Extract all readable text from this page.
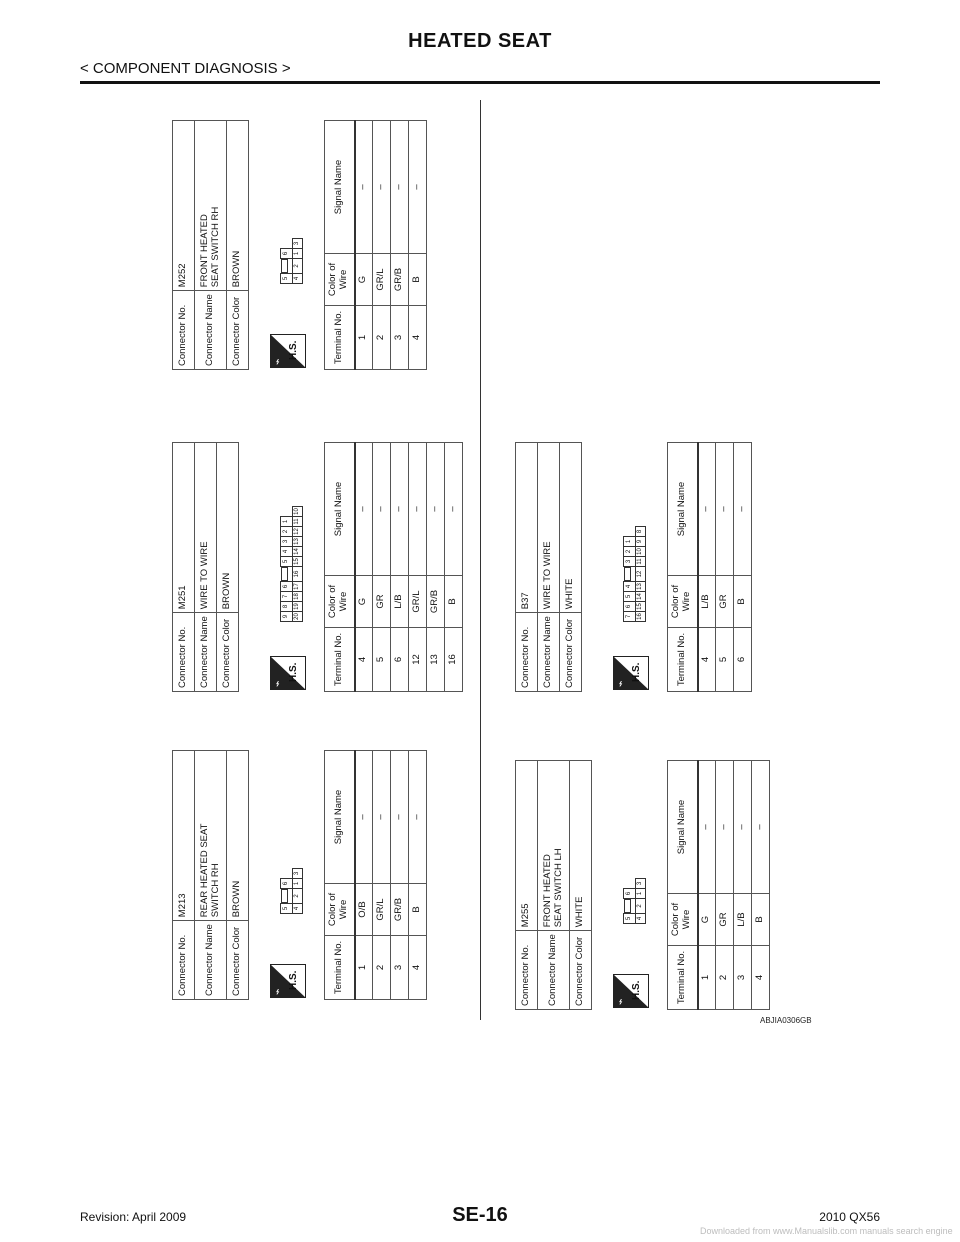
HEATED SEAT
< COMPONENT DIAGNOSIS >
Connector No.	M213
Connector Name	REAR HEATED SEAT
SWITCH RH
Connector Color	BROWN
⌁
H.S.
5		6	
4	2	1	3
Terminal No.	Color of
Wire	Signal Name
1	O/B	–
2	GR/L	–
3	GR/B	–
4	B	–
Connector No.	M251
Connector Name	WIRE TO WIRE
Connector Color	BROWN
⌁
H.S.
9	8	7	6		5	4	3	2	1	
20	19	18	17	16	15	14	13	12	11	10
Terminal No.	Color of
Wire	Signal Name
4	G	–
5	GR	–
6	L/B	–
12	GR/L	–
13	GR/B	–
16	B	–
Connector No.	M252
Connector Name	FRONT HEATED
SEAT SWITCH RH
Connector Color	BROWN
⌁
H.S.
5		6	
4	2	1	3
Terminal No.	Color of
Wire	Signal Name
1	G	–
2	GR/L	–
3	GR/B	–
4	B	–
Connector No.	M255
Connector Name	FRONT HEATED
SEAT SWITCH LH
Connector Color	WHITE
⌁
H.S.
5		6	
4	2	1	3
Terminal No.	Color of
Wire	Signal Name
1	G	–
2	GR	–
3	L/B	–
4	B	–
Connector No.	B37
Connector Name	WIRE TO WIRE
Connector Color	WHITE
⌁
H.S.
7	6	5	4		3	2	1	
16	15	14	13	12	11	10	9	8
Terminal No.	Color of
Wire	Signal Name
4	L/B	–
5	GR	–
6	B	–
ABJIA0306GB
Revision: April 2009	SE-16	2010 QX56
Downloaded from www.Manualslib.com manuals search engine
